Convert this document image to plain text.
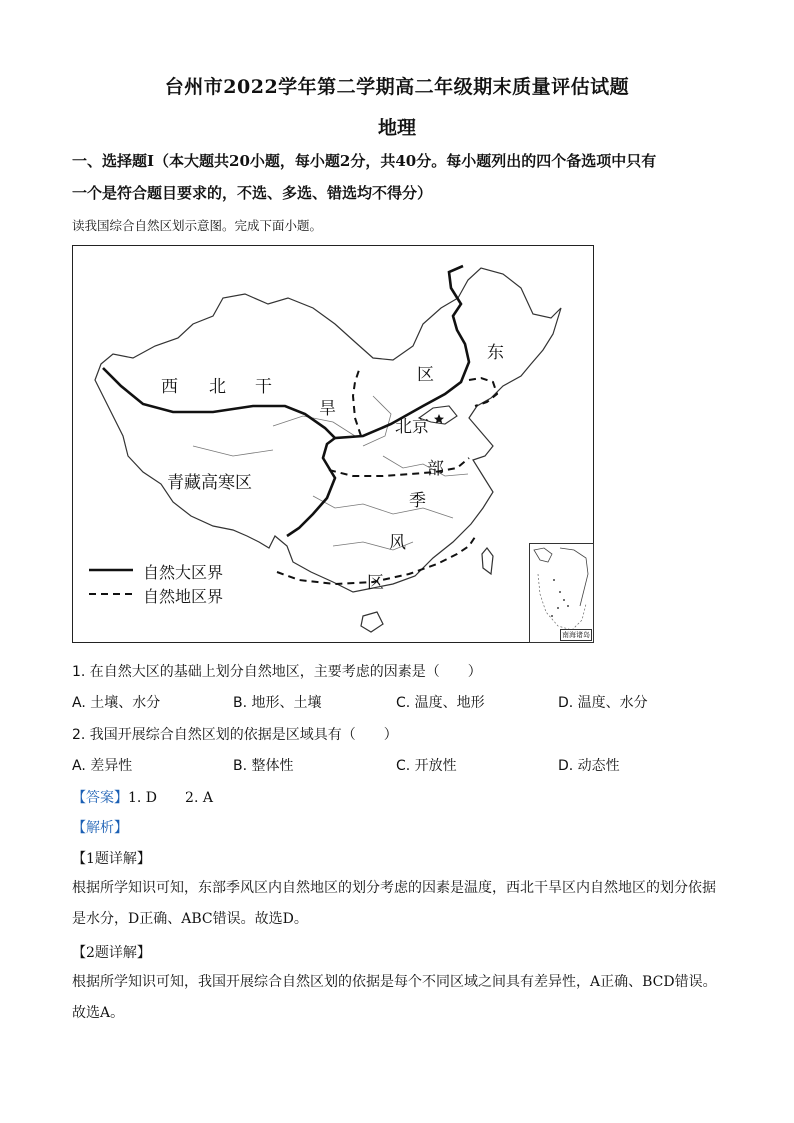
台州市2022学年第二学期高二年级期末质量评估试题
地理
一、选择题Ⅰ（本大题共20小题，每小题2分，共40分。每小题列出的四个备选项中只有
一个是符合题目要求的，不选、多选、错选均不得分）
读我国综合自然区划示意图。完成下面小题。
西 北 干
旱
区
东
北京
青藏高寒区
部
季
风
区
自然大区界
自然地区界
南海诸岛
1. 在自然大区的基础上划分自然地区，主要考虑的因素是（　　）
A. 土壤、水分	B. 地形、土壤	C. 温度、地形	D. 温度、水分
2. 我国开展综合自然区划的依据是区域具有（　　）
A. 差异性	B. 整体性	C. 开放性	D. 动态性
【答案】1. D　　2. A
【解析】
【1题详解】
根据所学知识可知，东部季风区内自然地区的划分考虑的因素是温度，西北干旱区内自然地区的划分依据是水分，D正确、ABC错误。故选D。
【2题详解】
根据所学知识可知，我国开展综合自然区划的依据是每个不同区域之间具有差异性，A正确、BCD错误。故选A。
